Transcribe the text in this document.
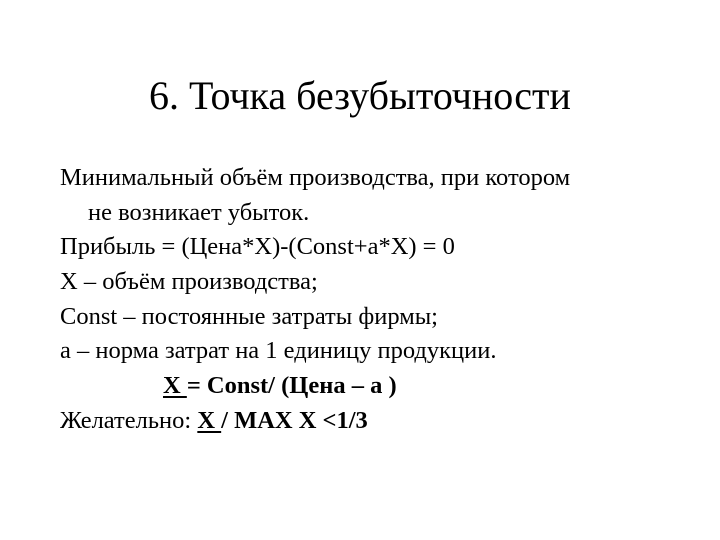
6. Точка безубыточности
Минимальный объём производства, при котором
не возникает убыток.
Прибыль = (Цена*X)-(Const+a*X) = 0
X – объём производства;
Const – постоянные затраты фирмы;
a – норма затрат на 1 единицу продукции.
X = Const/ (Цена – a )
Желательно: X / MAX X <1/3
